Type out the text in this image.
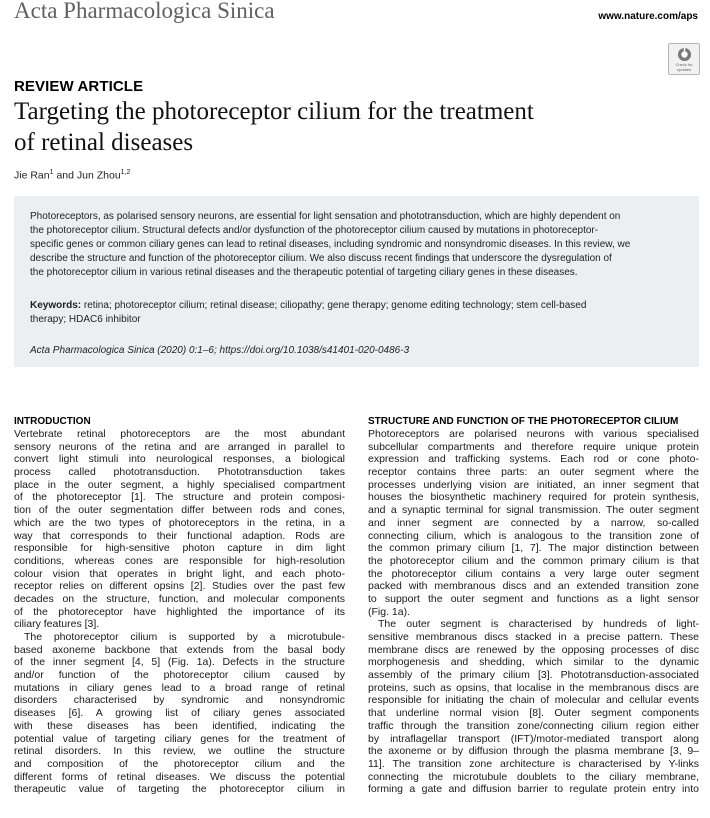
Acta Pharmacologica Sinica	www.nature.com/aps
Check for
updates
REVIEW ARTICLE
Targeting the photoreceptor cilium for the treatment
of retinal diseases
Jie Ran$^1$ and Jun Zhou$^{1,2}$
Photoreceptors, as polarised sensory neurons, are essential for light sensation and phototransduction, which are highly dependent on
the photoreceptor cilium. Structural defects and/or dysfunction of the photoreceptor cilium caused by mutations in photoreceptor-
specific genes or common ciliary genes can lead to retinal diseases, including syndromic and nonsyndromic diseases. In this review, we
describe the structure and function of the photoreceptor cilium. We also discuss recent findings that underscore the dysregulation of
the photoreceptor cilium in various retinal diseases and the therapeutic potential of targeting ciliary genes in these diseases.
Keywords: retina; photoreceptor cilium; retinal disease; ciliopathy; gene therapy; genome editing technology; stem cell-based
therapy; HDAC6 inhibitor
Acta Pharmacologica Sinica (2020) 0:1–6; https://doi.org/10.1038/s41401-020-0486-3
INTRODUCTION
Vertebrate retinal photoreceptors are the most abundant
sensory neurons of the retina and are arranged in parallel to
convert light stimuli into neurological responses, a biological
process called phototransduction. Phototransduction takes
place in the outer segment, a highly specialised compartment
of the photoreceptor [1]. The structure and protein composi-
tion of the outer segmentation differ between rods and cones,
which are the two types of photoreceptors in the retina, in a
way that corresponds to their functional adaption. Rods are
responsible for high-sensitive photon capture in dim light
conditions, whereas cones are responsible for high-resolution
colour vision that operates in bright light, and each photo-
receptor relies on different opsins [2]. Studies over the past few
decades on the structure, function, and molecular components
of the photoreceptor have highlighted the importance of its
ciliary features [3].
The photoreceptor cilium is supported by a microtubule-
based axoneme backbone that extends from the basal body
of the inner segment [4, 5] (Fig. 1a). Defects in the structure
and/or function of the photoreceptor cilium caused by
mutations in ciliary genes lead to a broad range of retinal
disorders characterised by syndromic and nonsyndromic
diseases [6]. A growing list of ciliary genes associated
with these diseases has been identified, indicating the
potential value of targeting ciliary genes for the treatment of
retinal disorders. In this review, we outline the structure
and composition of the photoreceptor cilium and the
different forms of retinal diseases. We discuss the potential
therapeutic value of targeting the photoreceptor cilium in
STRUCTURE AND FUNCTION OF THE PHOTORECEPTOR CILIUM
Photoreceptors are polarised neurons with various specialised
subcellular compartments and therefore require unique protein
expression and trafficking systems. Each rod or cone photo-
receptor contains three parts: an outer segment where the
processes underlying vision are initiated, an inner segment that
houses the biosynthetic machinery required for protein synthesis,
and a synaptic terminal for signal transmission. The outer segment
and inner segment are connected by a narrow, so-called
connecting cilium, which is analogous to the transition zone of
the common primary cilium [1, 7]. The major distinction between
the photoreceptor cilium and the common primary cilium is that
the photoreceptor cilium contains a very large outer segment
packed with membranous discs and an extended transition zone
to support the outer segment and functions as a light sensor
(Fig. 1a).
The outer segment is characterised by hundreds of light-
sensitive membranous discs stacked in a precise pattern. These
membrane discs are renewed by the opposing processes of disc
morphogenesis and shedding, which similar to the dynamic
assembly of the primary cilium [3]. Phototransduction-associated
proteins, such as opsins, that localise in the membranous discs are
responsible for initiating the chain of molecular and cellular events
that underline normal vision [8]. Outer segment components
traffic through the transition zone/connecting cilium region either
by intraflagellar transport (IFT)/motor-mediated transport along
the axoneme or by diffusion through the plasma membrane [3, 9–
11]. The transition zone architecture is characterised by Y-links
connecting the microtubule doublets to the ciliary membrane,
forming a gate and diffusion barrier to regulate protein entry into
